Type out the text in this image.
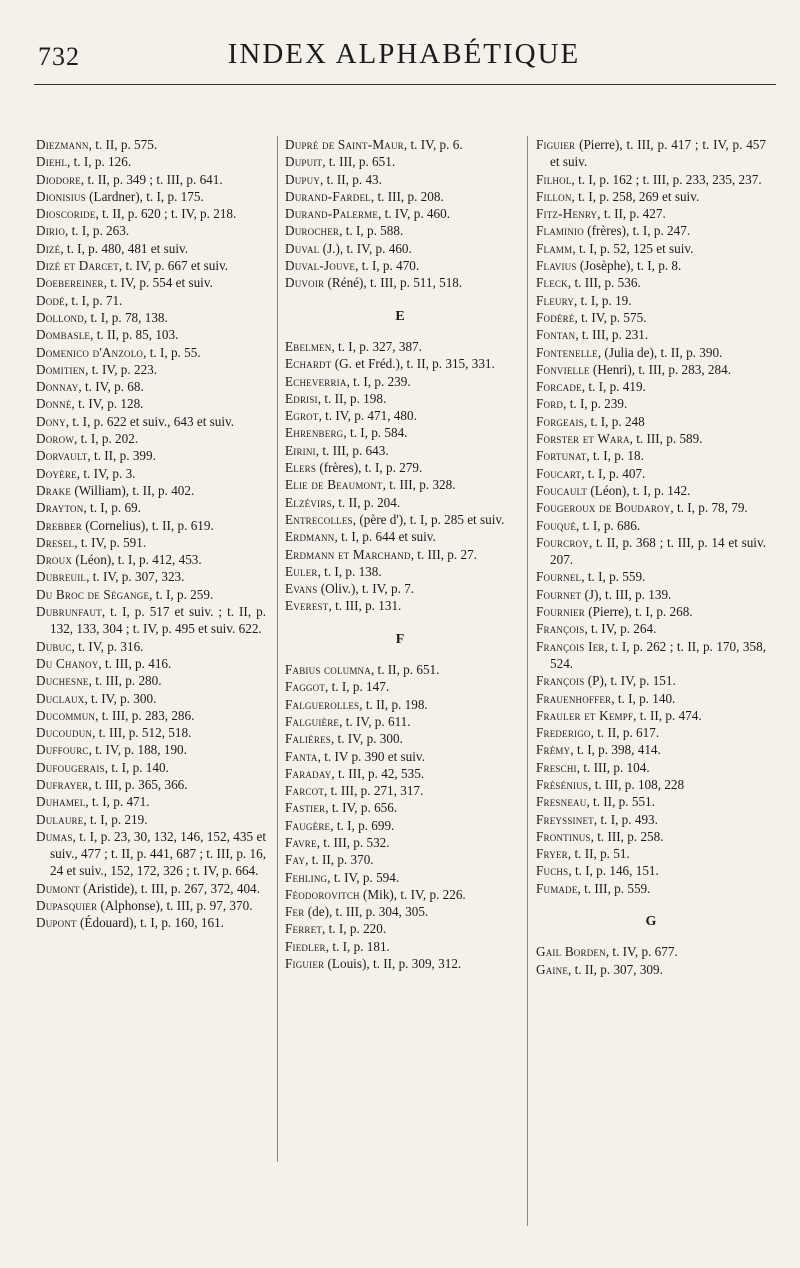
732	INDEX ALPHABÉTIQUE
Diezmann, t. II, p. 575.
Diehl, t. I, p. 126.
Diodore, t. II, p. 349 ; t. III, p. 641.
Dionisius (Lardner), t. I, p. 175.
Dioscoride, t. II, p. 620 ; t. IV, p. 218.
Dirio, t. I, p. 263.
Dizé, t. I, p. 480, 481 et suiv.
Dizé et Darcet, t. IV, p. 667 et suiv.
Doebereiner, t. IV, p. 554 et suiv.
Dodé, t. I, p. 71.
Dollond, t. I, p. 78, 138.
Dombasle, t. II, p. 85, 103.
Domenico d'Anzolo, t. I, p. 55.
Domitien, t. IV, p. 223.
Donnay, t. IV, p. 68.
Donné, t. IV, p. 128.
Dony, t. I, p. 622 et suiv., 643 et suiv.
Dorow, t. I, p. 202.
Dorvault, t. II, p. 399.
Doyère, t. IV, p. 3.
Drake (William), t. II, p. 402.
Drayton, t. I, p. 69.
Drebber (Cornelius), t. II, p. 619.
Dresel, t. IV, p. 591.
Droux (Léon), t. I, p. 412, 453.
Dubreuil, t. IV, p. 307, 323.
Du Broc de Ségange, t. I, p. 259.
Dubrunfaut, t. I, p. 517 et suiv. ; t. II, p. 132, 133, 304 ; t. IV, p. 495 et suiv. 622.
Dubuc, t. IV, p. 316.
Du Chanoy, t. III, p. 416.
Duchesne, t. III, p. 280.
Duclaux, t. IV, p. 300.
Ducommun, t. III, p. 283, 286.
Ducoudun, t. III, p. 512, 518.
Duffourc, t. IV, p. 188, 190.
Dufougerais, t. I, p. 140.
Dufrayer, t. III, p. 365, 366.
Duhamel, t. I, p. 471.
Dulaure, t. I, p. 219.
Dumas, t. I, p. 23, 30, 132, 146, 152, 435 et suiv., 477 ; t. II, p. 441, 687 ; t. III, p. 16, 24 et suiv., 152, 172, 326 ; t. IV, p. 664.
Dumont (Aristide), t. III, p. 267, 372, 404.
Dupasquier (Alphonse), t. III, p. 97, 370.
Dupont (Édouard), t. I, p. 160, 161.
Dupré de Saint-Maur, t. IV, p. 6.
Dupuit, t. III, p. 651.
Dupuy, t. II, p. 43.
Durand-Fardel, t. III, p. 208.
Durand-Palerme, t. IV, p. 460.
Durocher, t. I, p. 588.
Duval (J.), t. IV, p. 460.
Duval-Jouve, t. I, p. 470.
Duvoir (Réné), t. III, p. 511, 518.
E
Ebelmen, t. I, p. 327, 387.
Echardt (G. et Fréd.), t. II, p. 315, 331.
Echeverria, t. I, p. 239.
Edrisi, t. II, p. 198.
Egrot, t. IV, p. 471, 480.
Ehrenberg, t. I, p. 584.
Eirini, t. III, p. 643.
Elers (frères), t. I, p. 279.
Elie de Beaumont, t. III, p. 328.
Elzévirs, t. II, p. 204.
Entrecolles, (père d'), t. I, p. 285 et suiv.
Erdmann, t. I, p. 644 et suiv.
Erdmann et Marchand, t. III, p. 27.
Euler, t. I, p. 138.
Evans (Oliv.), t. IV, p. 7.
Everest, t. III, p. 131.
F
Fabius columna, t. II, p. 651.
Faggot, t. I, p. 147.
Falguerolles, t. II, p. 198.
Falguière, t. IV, p. 611.
Falières, t. IV, p. 300.
Fanta, t. IV p. 390 et suiv.
Faraday, t. III, p. 42, 535.
Farcot, t. III, p. 271, 317.
Fastier, t. IV, p. 656.
Faugère, t. I, p. 699.
Favre, t. III, p. 532.
Fay, t. II, p. 370.
Fehling, t. IV, p. 594.
Féodorovitch (Mik), t. IV, p. 226.
Fer (de), t. III, p. 304, 305.
Ferret, t. I, p. 220.
Fiedler, t. I, p. 181.
Figuier (Louis), t. II, p. 309, 312.
Figuier (Pierre), t. III, p. 417 ; t. IV, p. 457 et suiv.
Filhol, t. I, p. 162 ; t. III, p. 233, 235, 237.
Fillon, t. I, p. 258, 269 et suiv.
Fitz-Henry, t. II, p. 427.
Flaminio (frères), t. I, p. 247.
Flamm, t. I, p. 52, 125 et suiv.
Flavius (Josèphe), t. I, p. 8.
Fleck, t. III, p. 536.
Fleury, t. I, p. 19.
Fodéré, t. IV, p. 575.
Fontan, t. III, p. 231.
Fontenelle, (Julia de), t. II, p. 390.
Fonvielle (Henri), t. III, p. 283, 284.
Forcade, t. I, p. 419.
Ford, t. I, p. 239.
Forgeais, t. I, p. 248
Forster et Wara, t. III, p. 589.
Fortunat, t. I, p. 18.
Foucart, t. I, p. 407.
Foucault (Léon), t. I, p. 142.
Fougeroux de Boudaroy, t. I, p. 78, 79.
Fouqué, t. I, p. 686.
Fourcroy, t. II, p. 368 ; t. III, p. 14 et suiv. 207.
Fournel, t. I, p. 559.
Fournet (J), t. III, p. 139.
Fournier (Pierre), t. I, p. 268.
François, t. IV, p. 264.
François Ier, t. I, p. 262 ; t. II, p. 170, 358, 524.
François (P), t. IV, p. 151.
Frauenhoffer, t. I, p. 140.
Frauler et Kempf, t. II, p. 474.
Frederigo, t. II, p. 617.
Frémy, t. I, p. 398, 414.
Freschi, t. III, p. 104.
Frésénius, t. III, p. 108, 228
Fresneau, t. II, p. 551.
Freyssinet, t. I, p. 493.
Frontinus, t. III, p. 258.
Fryer, t. II, p. 51.
Fuchs, t. I, p. 146, 151.
Fumade, t. III, p. 559.
G
Gail Borden, t. IV, p. 677.
Gaine, t. II, p. 307, 309.
